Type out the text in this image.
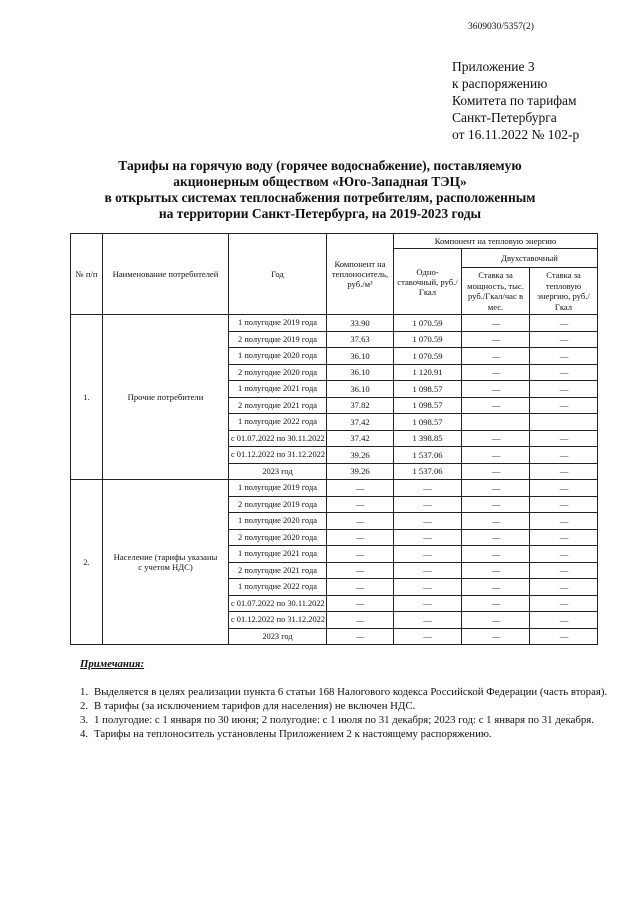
3609030/5357(2)
Приложение 3
к распоряжению
Комитета по тарифам
Санкт-Петербурга
от 16.11.2022 № 102-р
Тарифы на горячую воду (горячее водоснабжение), поставляемую
акционерным обществом «Юго-Западная ТЭЦ»
в открытых системах теплоснабжения потребителям, расположенным
на территории Санкт-Петербурга, на 2019-2023 годы
№ п/п	Наименование потребителей	Год	Компонент на теплоноситель, руб./м³	Компонент на тепловую энергию		
				Одно-ставочный, руб./Гкал	Двухставочный	
					Ставка за мощность, тыс. руб./Гкал/час в мес.	Ставка за тепловую энергию, руб./Гкал
1.	Прочие потребители	1 полугодие 2019 года	33.90	1 070.59	—	—
		2 полугодие 2019 года	37.63	1 070.59	—	—
		1 полугодие 2020 года	36.10	1 070.59	—	—
		2 полугодие 2020 года	36.10	1 120.91	—	—
		1 полугодие 2021 года	36.10	1 098.57	—	—
		2 полугодие 2021 года	37.82	1 098.57	—	—
		1 полугодие 2022 года	37.42	1 098.57		
		с 01.07.2022 по 30.11.2022	37.42	1 398.85	—	—
		с 01.12.2022 по 31.12.2022	39.26	1 537.06	—	—
		2023 год	39.26	1 537.06	—	—
2.	Население (тарифы указаны с учетом НДС)	1 полугодие 2019 года	—	—	—	—
		2 полугодие 2019 года	—	—	—	—
		1 полугодие 2020 года	—	—	—	—
		2 полугодие 2020 года	—	—	—	—
		1 полугодие 2021 года	—	—	—	—
		2 полугодие 2021 года	—	—	—	—
		1 полугодие 2022 года	—	—	—	—
		с 01.07.2022 по 30.11.2022	—	—	—	—
		с 01.12.2022 по 31.12.2022	—	—	—	—
		2023 год	—	—	—	—
Примечания:
1. Выделяется в целях реализации пункта 6 статьи 168 Налогового кодекса Российской Федерации (часть вторая).
2. В тарифы (за исключением тарифов для населения) не включен НДС.
3. 1 полугодие: с 1 января по 30 июня; 2 полугодие: с 1 июля по 31 декабря; 2023 год: с 1 января по 31 декабря.
4. Тарифы на теплоноситель установлены Приложением 2 к настоящему распоряжению.
